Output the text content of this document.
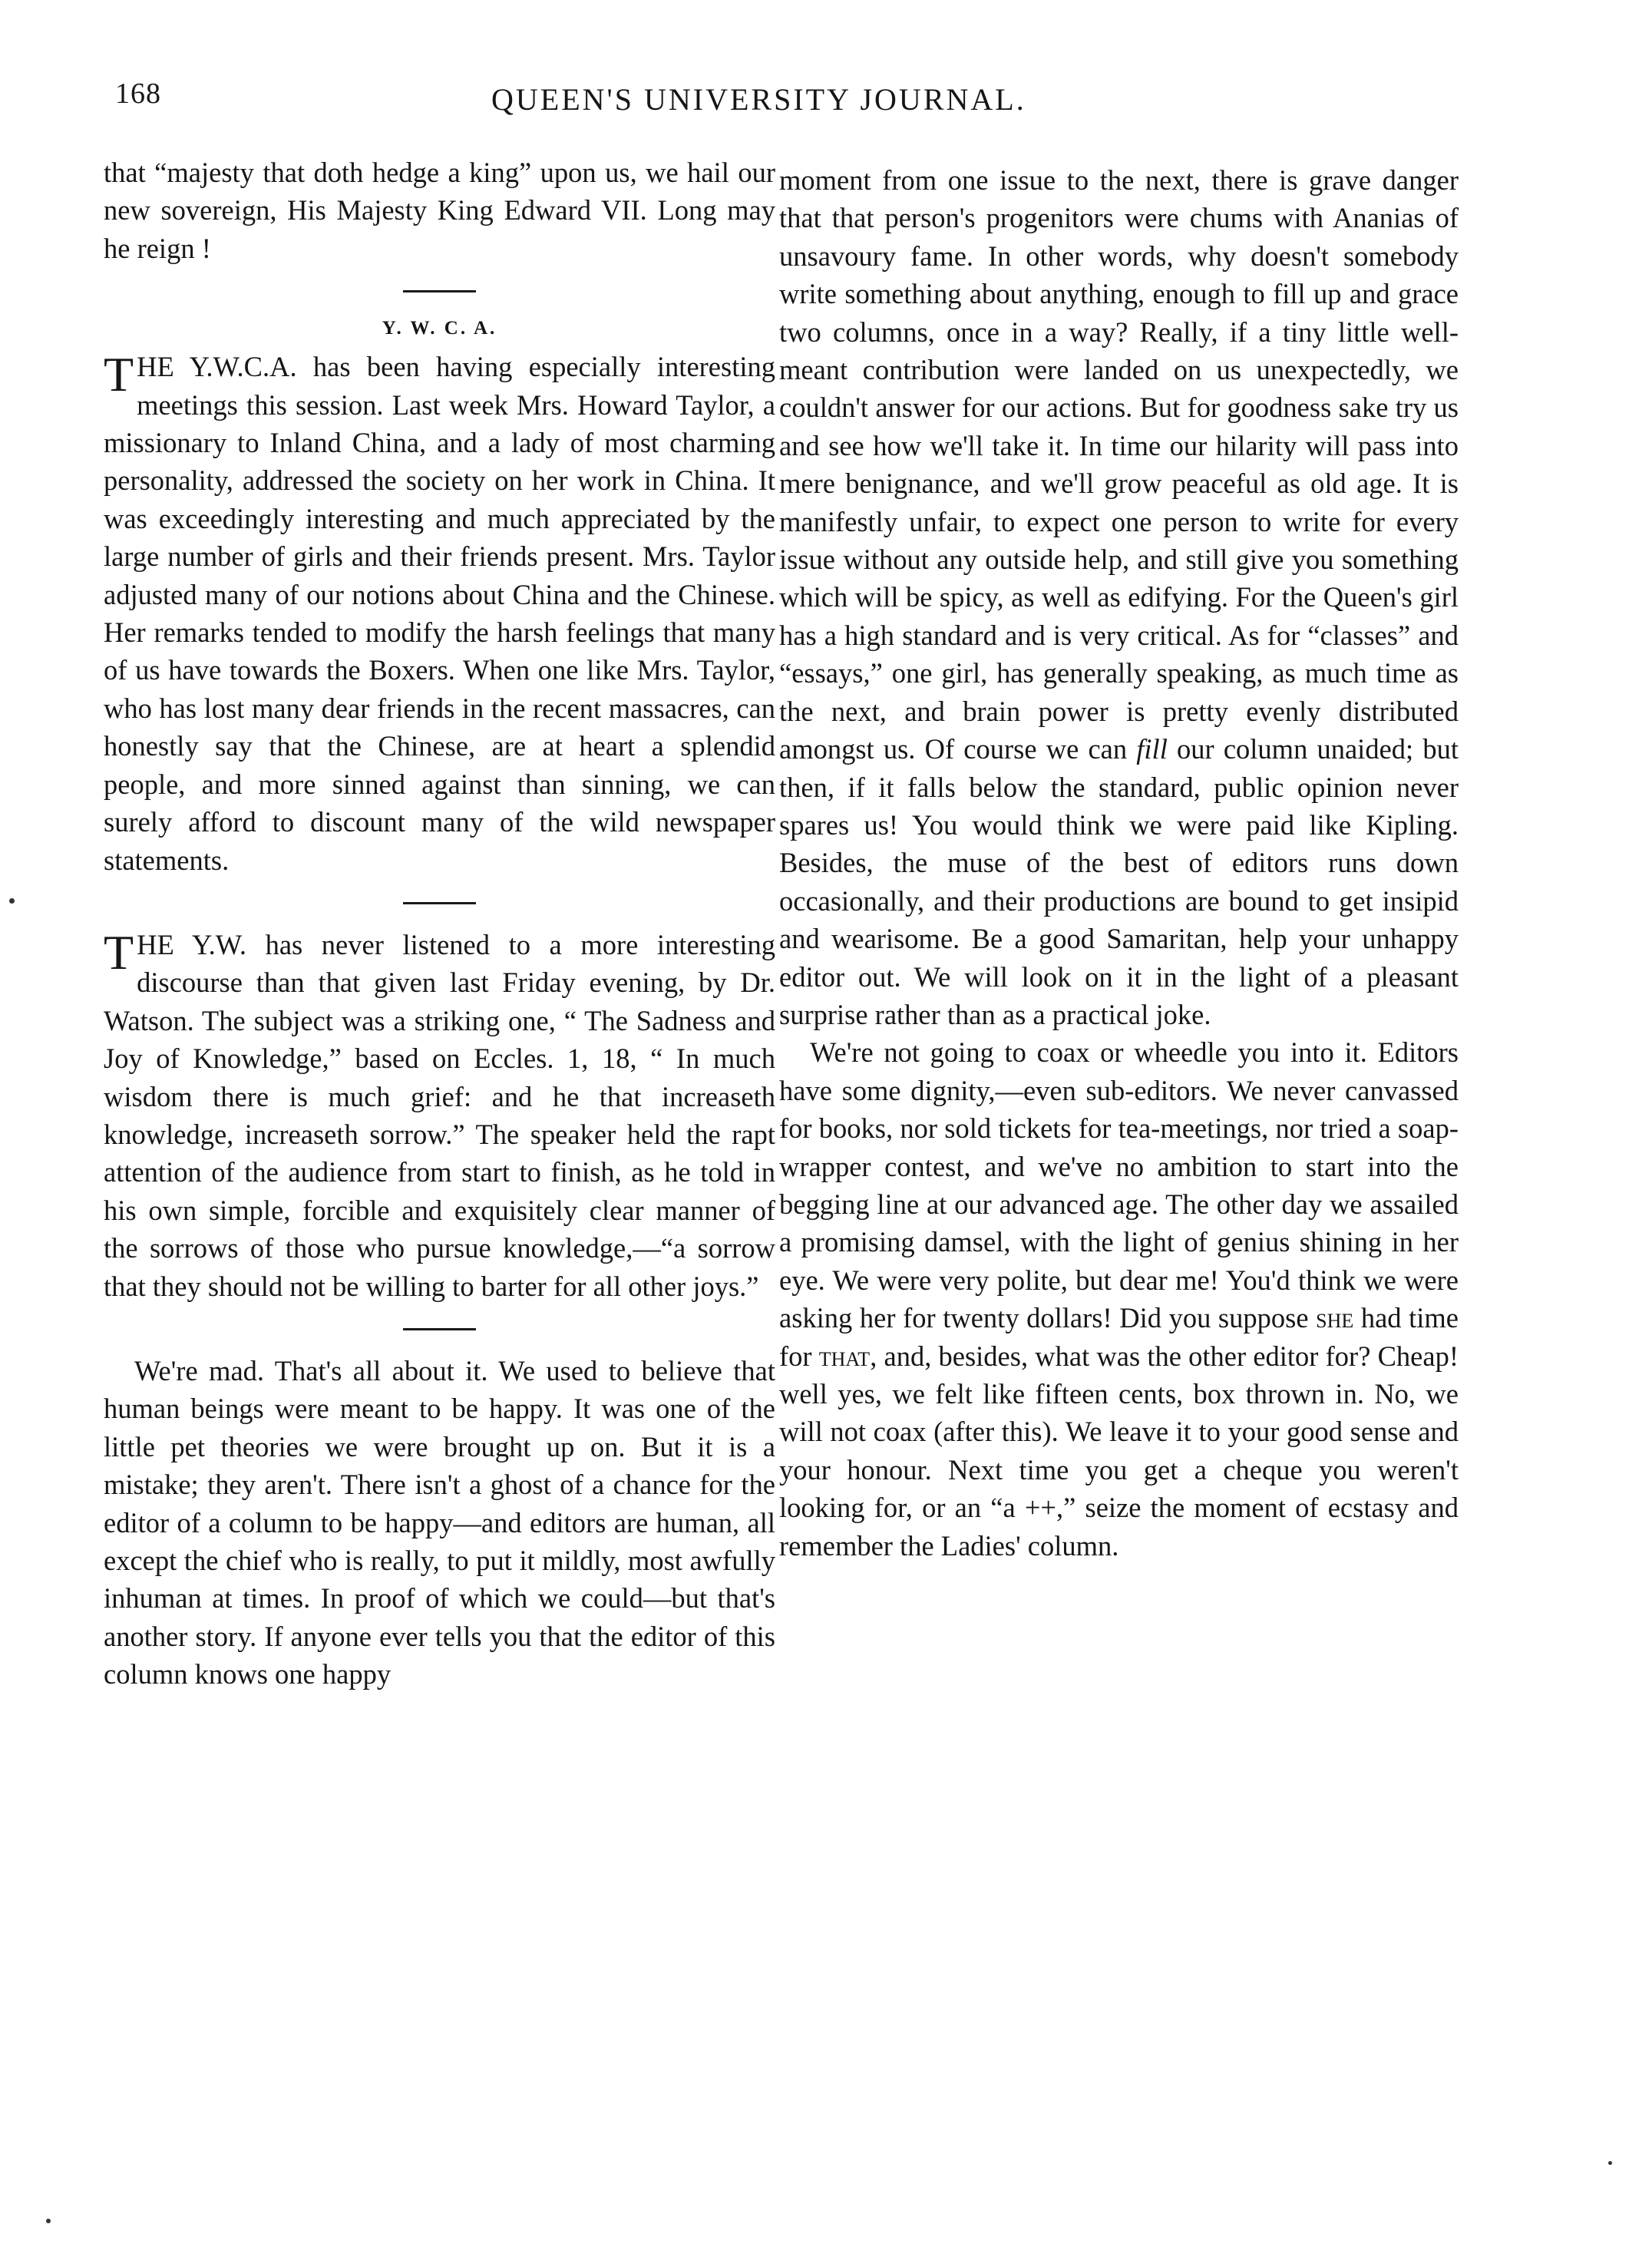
168	QUEEN'S UNIVERSITY JOURNAL.

that “majesty that doth hedge a king” upon us, we hail our new sovereign, His Majesty King Edward VII. Long may he reign !

Y. W. C. A.

THE Y.W.C.A. has been having especially interesting meetings this session. Last week Mrs. Howard Taylor, a missionary to Inland China, and a lady of most charming personality, addressed the society on her work in China. It was exceedingly interesting and much appreciated by the large number of girls and their friends present. Mrs. Taylor adjusted many of our notions about China and the Chinese. Her remarks tended to modify the harsh feelings that many of us have towards the Boxers. When one like Mrs. Taylor, who has lost many dear friends in the recent massacres, can honestly say that the Chinese, are at heart a splendid people, and more sinned against than sinning, we can surely afford to discount many of the wild newspaper statements.

THE Y.W. has never listened to a more interesting discourse than that given last Friday evening, by Dr. Watson. The subject was a striking one, “ The Sadness and Joy of Knowledge,” based on Eccles. 1, 18, “ In much wisdom there is much grief: and he that increaseth knowledge, increaseth sorrow.” The speaker held the rapt attention of the audience from start to finish, as he told in his own simple, forcible and exquisitely clear manner of the sorrows of those who pursue knowledge,—“a sorrow that they should not be willing to barter for all other joys.”

We're mad. That's all about it. We used to believe that human beings were meant to be happy. It was one of the little pet theories we were brought up on. But it is a mistake; they aren't. There isn't a ghost of a chance for the editor of a column to be happy—and editors are human, all except the chief who is really, to put it mildly, most awfully inhuman at times. In proof of which we could—but that's another story. If anyone ever tells you that the editor of this column knows one happy

moment from one issue to the next, there is grave danger that that person's progenitors were chums with Ananias of unsavoury fame. In other words, why doesn't somebody write something about anything, enough to fill up and grace two columns, once in a way? Really, if a tiny little well-meant contribution were landed on us unexpectedly, we couldn't answer for our actions. But for goodness sake try us and see how we'll take it. In time our hilarity will pass into mere benignance, and we'll grow peaceful as old age. It is manifestly unfair, to expect one person to write for every issue without any outside help, and still give you something which will be spicy, as well as edifying. For the Queen's girl has a high standard and is very critical. As for “classes” and “essays,” one girl, has generally speaking, as much time as the next, and brain power is pretty evenly distributed amongst us. Of course we can fill our column unaided; but then, if it falls below the standard, public opinion never spares us! You would think we were paid like Kipling. Besides, the muse of the best of editors runs down occasionally, and their productions are bound to get insipid and wearisome. Be a good Samaritan, help your unhappy editor out. We will look on it in the light of a pleasant surprise rather than as a practical joke.

We're not going to coax or wheedle you into it. Editors have some dignity,—even sub-editors. We never canvassed for books, nor sold tickets for tea-meetings, nor tried a soap-wrapper contest, and we've no ambition to start into the begging line at our advanced age. The other day we assailed a promising damsel, with the light of genius shining in her eye. We were very polite, but dear me! You'd think we were asking her for twenty dollars! Did you suppose she had time for that, and, besides, what was the other editor for? Cheap! well yes, we felt like fifteen cents, box thrown in. No, we will not coax (after this). We leave it to your good sense and your honour. Next time you get a cheque you weren't looking for, or an “a ++,” seize the moment of ecstasy and remember the Ladies' column.
